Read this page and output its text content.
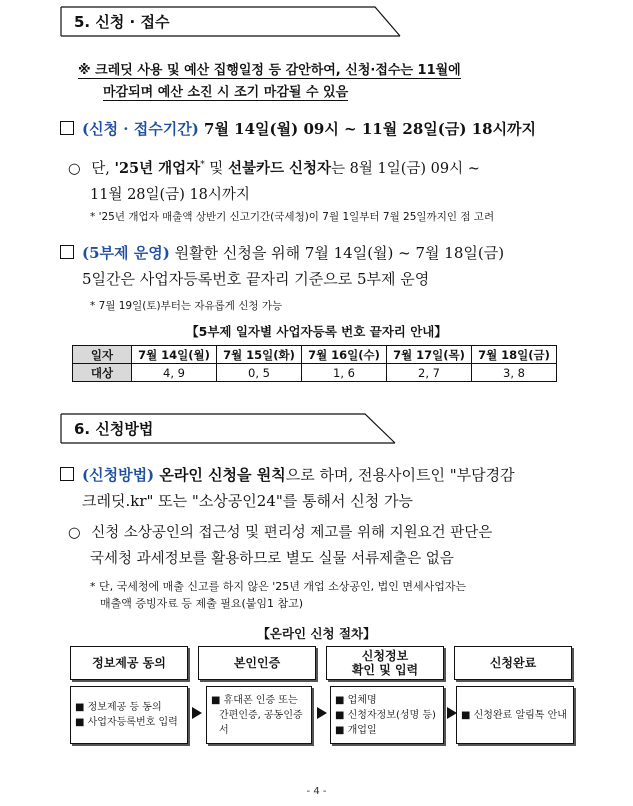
5. 신청 · 접수
※ 크레딧 사용 및 예산 집행일정 등 감안하여, 신청·접수는 11월에
마감되며 예산 소진 시 조기 마감될 수 있음
(신청 · 접수기간) 7월 14일(월) 09시 ~ 11월 28일(금) 18시까지
○ 단, '25년 개업자* 및 선불카드 신청자는 8월 1일(금) 09시 ~
11월 28일(금) 18시까지
* '25년 개업자 매출액 상반기 신고기간(국세청)이 7월 1일부터 7월 25일까지인 점 고려
(5부제 운영) 원활한 신청을 위해 7월 14일(월) ~ 7월 18일(금)
5일간은 사업자등록번호 끝자리 기준으로 5부제 운영
* 7월 19일(토)부터는 자유롭게 신청 가능
【5부제 일자별 사업자등록 번호 끝자리 안내】
일자	7월 14일(월)	7월 15일(화)	7월 16일(수)	7월 17일(목)	7월 18일(금)
대상	4, 9	0, 5	1, 6	2, 7	3, 8
6. 신청방법
(신청방법) 온라인 신청을 원칙으로 하며, 전용사이트인 "부담경감
크레딧.kr" 또는 "소상공인24"를 통해서 신청 가능
○ 신청 소상공인의 접근성 및 편리성 제고를 위해 지원요건 판단은
국세청 과세정보를 활용하므로 별도 실물 서류제출은 없음
* 단, 국세청에 매출 신고를 하지 않은 '25년 개업 소상공인, 법인 면세사업자는
매출액 증빙자료 등 제출 필요(붙임1 참고)
【온라인 신청 절차】
정보제공 동의	본인인증	신청정보
확인 및 입력	신청완료
■ 정보제공 등 동의
■ 사업자등록번호 입력
■ 휴대폰 인증 또는
간편인증, 공동인증서
■ 업체명
■ 신청자정보(성명 등)
■ 개업일
■ 신청완료 알림톡 안내
- 4 -
